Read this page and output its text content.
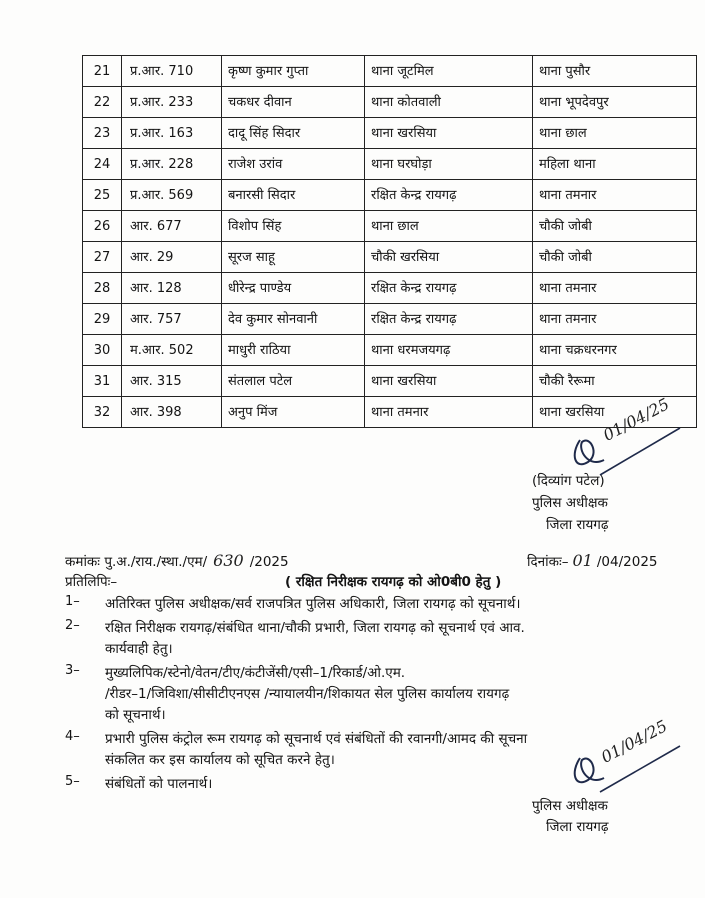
21	प्र.आर. 710	कृष्ण कुमार गुप्ता	थाना जूटमिल	थाना पुसौर
22	प्र.आर. 233	चकधर दीवान	थाना कोतवाली	थाना भूपदेवपुर
23	प्र.आर. 163	दादू सिंह सिदार	थाना खरसिया	थाना छाल
24	प्र.आर. 228	राजेश उरांव	थाना घरघोड़ा	महिला थाना
25	प्र.आर. 569	बनारसी सिदार	रक्षित केन्द्र रायगढ़	थाना तमनार
26	आर. 677	विशोप सिंह	थाना छाल	चौकी जोबी
27	आर. 29	सूरज साहू	चौकी खरसिया	चौकी जोबी
28	आर. 128	धीरेन्द्र पाण्डेय	रक्षित केन्द्र रायगढ़	थाना तमनार
29	आर. 757	देव कुमार सोनवानी	रक्षित केन्द्र रायगढ़	थाना तमनार
30	म.आर. 502	माधुरी राठिया	थाना धरमजयगढ़	थाना चक्रधरनगर
31	आर. 315	संतलाल पटेल	थाना खरसिया	चौकी रैरूमा
32	आर. 398	अनुप मिंज	थाना तमनार	थाना खरसिया
01/04/25
(दिव्यांग पटेल)
पुलिस अधीक्षक
जिला रायगढ़
कमांकः पु.अ./राय./स्था./एम/ 630 /2025	दिनांकः– 01 /04/2025
प्रतिलिपिः–	( रक्षित निरीक्षक रायगढ़ को ओ0बी0 हेतु )
1– अतिरिक्त पुलिस अधीक्षक/सर्व राजपत्रित पुलिस अधिकारी, जिला रायगढ़ को सूचनार्थ।
2– रक्षित निरीक्षक रायगढ़/संबंधित थाना/चौकी प्रभारी, जिला रायगढ़ को सूचनार्थ एवं आव.
कार्यवाही हेतु।
3– मुख्यलिपिक/स्टेनो/वेतन/टीए/कंटीजेंसी/एसी–1/रिकार्ड/ओ.एम.
/रीडर–1/जिविशा/सीसीटीएनएस /न्यायालयीन/शिकायत सेल पुलिस कार्यालय रायगढ़
को सूचनार्थ।
4– प्रभारी पुलिस कंट्रोल रूम रायगढ़ को सूचनार्थ एवं संबंधितों की रवानगी/आमद की सूचना
संकलित कर इस कार्यालय को सूचित करने हेतु।
5– संबंधितों को पालनार्थ।
01/04/25
पुलिस अधीक्षक
जिला रायगढ़
